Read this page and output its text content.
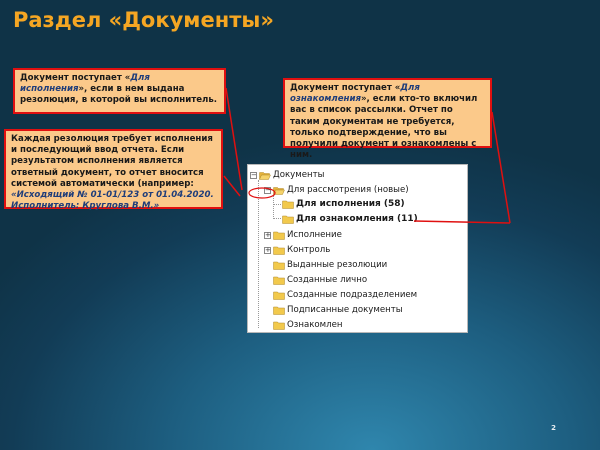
Раздел «Документы»
Документ поступает «Для исполнения», если в нем выдана резолюция, в которой вы исполнитель.
Документ поступает «Для ознакомления», если кто-то включил вас в список рассылки. Отчет по таким документам не требуется, только подтверждение, что вы получили документ и ознакомлены с ним.
Каждая резолюция требует исполнения и последующий ввод отчета. Если результатом исполнения является ответный документ, то отчет вносится системой автоматически (например: «Исходящий № 01-01/123 от 01.04.2020. Исполнитель: Круглова В.М.»
− Документы
− Для рассмотрения (новые)
Для исполнения (58)
Для ознакомления (11)
+ Исполнение
+ Контроль
Выданные резолюции
Созданные лично
Созданные подразделением
Подписанные документы
Ознакомлен
2
